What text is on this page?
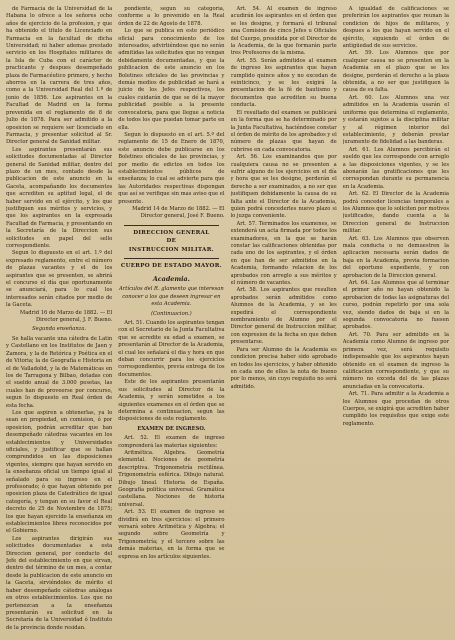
de Farmacia de la Universidad de la Habana lo ofrece a los señores ocho años de ejercicio de la profesion, y que ha obtenido el titulo de Licenciado en Farmacia en la facultad de dicha Universidad; ni haber ademas prestado servicio en los Hospitales militares de la Isla de Cuba con el carácter de practicante y despues desempeñado plaza de Farmacéutico primero, y hecho ahorros en la carrera de tres años, como a la Universidad Real del 1.º de junio de 1856. Los aspirantes en la Facultad de Madrid en la forma prevenida en el reglamento de 8 de Julio de 1878. Para ser admitido a la oposicion se requiere ser licenciado en Farmacia, y presentar solicitud al Sr. Director general de Sanidad militar.

Los aspirantes presentarán sus solicitudes documentadas al Director general de Sanidad militar, dentro del plazo de un mes, contado desde la publicacion de este anuncio en la Gaceta, acompañando los documentos que acrediten su aptitud legal, el de haber servido en el ejército, y los que justifiquen sus méritos y servicios, y que los aspirantes en la expresada Facultad de Farmacia, y presentando en la Secretaría de la Direccion sus solicitudes en papel del sello correspondiente.

Segun lo dispuesto en el art. 1.º del expresado reglamento, entre el número de plazas vacantes y el de los aspirantes que se presenten, se abrirá el concurso el día que oportunamente se anunciará, para lo cual los interesados serán citados por medio de la Gaceta.

Madrid 16 de Marzo de 1882. — El Director general, J. F. Bueno.

Segunda enseñanza.

Se halla vacante una cátedra de Latin y Castellano en los Institutos de Jaen y Zamora, y la de Retórica y Poética en el de Vitoria; la de Geografía e Historia en el de Valladolid, y la de Matemáticas en los de Tarragona y Bilbao, dotadas con el sueldo anual de 3.000 pesetas, las cuales han de proveerse por concurso, segun lo dispuesto en Real órden de esta fecha.

Los que aspiren a obtenerlas, ya lo sean en propiedad, en comision, ó por oposicion, podrán acreditar que han desempeñado cátedras vacantes en los establecimientos y Universidades oficiales, y justificar que se hallan comprendidos en las disposiciones vigentes, siempre que hayan servido en la enseñanza oficial un tiempo igual al señalado para su ingreso en el profesorado; ó que hayan obtenido por oposicion plaza de Catedrático de igual categoría, y tengan en su favor el Real decreto de 25 de Noviembre de 1875; los que hayan ejercido la enseñanza en establecimientos libres reconocidos por el Gobierno.

Los aspirantes dirigirán sus solicitudes documentadas a esta Direccion general, por conducto del Jefe del establecimiento en que sirvan, dentro del término de un mes, a contar desde la publicacion de este anuncio en la Gaceta, sirviéndoles de mérito el haber desempeñado cátedras análogas en otros establecimientos. Los que no pertenezcan a la enseñanza presentarán su solicitud en la Secretaría de la Universidad ó Instituto de la provincia donde residan.

pondiente, segun su categoría, conforme a lo prevenido en la Real órden de 22 de Agosto de 1878.

Lo que se publica en este periódico oficial para conocimiento de los interesados, advirtiéndose que no serán admitidas las solicitudes que no vengan debidamente documentadas, y que la publicacion de este anuncio en los Boletines oficiales de las provincias y demás medios de publicidad se hará a juicio de los Jefes respectivos, los cuales cuidarán de que se dé la mayor publicidad posible a la presente convocatoria, para que llegue a noticia de todos los que puedan tomar parte en ella.

Segun lo dispuesto en el art. 5.º del reglamento de 15 de Enero de 1870, este anuncio debe publicarse en los Boletines oficiales de las provincias, y por medio de edictos en todos los establecimientos públicos de enseñanza; lo cual se advierte para que las Autoridades respectivas dispongan que así se verifique sin mas aviso que el presente.

Madrid 14 de Marzo de 1882. — El Director general, José F. Bueno.

DIRECCION GENERAL

DE

INSTRUCCION MILITAR.

CUERPO DE ESTADO MAYOR.

Academia.

Artículos del R. glamento que interesan conocer a los que deseen ingresar en esta Academia.

(Continuacion.)

Art. 51. Cuando los aspirantes tengan con el Secretario de la Junta Facultativa que se acredite su edad a examen, se presentarán al Director de la Academia, el cual les señalará el dia y hora en que deban concurrir para los ejercicios correspondientes, previa entrega de los documentos.

Este de los aspirantes presentarán sus solicitudes al Director de la Academia, y serán sometidos a los siguientes examenes en el órden que se determina a continuacion, segun las disposiciones de este reglamento.

EXAMEN DE INGRESO.

Art. 52. El examen de ingreso comprenderá las materias siguientes:

Aritmética. Algebra. Geometría elemental. Nociones de geometría descriptiva. Trigonometría rectilínea. Trigonometría esférica. Dibujo natural. Dibujo lineal. Historia de España. Geografía política universal. Gramática castellana. Nociones de historia universal.

Art. 53. El examen de ingreso se dividirá en tres ejercicios: el primero versará sobre Aritmética y Algebra; el segundo sobre Geometría y Trigonometría; y el tercero sobre las demás materias, en la forma que se expresa en los artículos siguientes.

Art. 54. Al examen de ingreso acudirán los aspirantes en el órden que se les designe, y formará el tribunal una Comision de cinco Jefes u Oficiales del Cuerpo, presidida por el Director de la Academia, de la que formarán parte tres Profesores de la misma.

Art. 55. Serán admitidos al examen de ingreso los aspirantes que hayan cumplido quince años y no excedan de veinticinco, y se les exigirá la presentacion de la fé de bautismo y documentos que acrediten su buena conducta.

El resultado del examen se publicará en la forma que se ha determinado por la Junta Facultativa, haciéndose constar el órden de mérito de los aprobados y el número de plazas que hayan de cubrirse en cada convocatoria.

Art. 56. Los examinandos que por cualquiera causa no se presenten a sufrir alguno de los ejercicios en el día y hora que se les designe, perderán el derecho a ser examinados, a no ser que justifiquen debidamente la causa de su falta ante el Director de la Academia, quien podrá concederles nuevo plazo si lo juzga conveniente.

Art. 57. Terminados los examenes, se extenderá un acta firmada por todos los examinadores, en la que se harán constar las calificaciones obtenidas por cada uno de los aspirantes, y el órden en que han de ser admitidos en la Academia, formando relacion de los aprobados con arreglo a sus méritos y el número de vacantes.

Art. 58. Los aspirantes que resulten aprobados serán admitidos como Alumnos de la Academia, y se les expedirá el correspondiente nombramiento de Alumno por el Director general de Instruccion militar, con expresion de la fecha en que deben presentarse.

Para ser Alumno de la Academia es condicion precisa haber sido aprobado en todos los ejercicios, y haber obtenido en cada uno de ellos la nota de bueno por lo menos, sin cuyo requisito no será admitido.

A igualdad de calificaciones se preferirán los aspirantes que reunan la condicion de hijos de militares, y despues a los que hayan servido en el ejército, siguiendo el órden de antigüedad de sus servicios.

Art. 59. Los Alumnos que por cualquier causa no se presenten en la Academia en el plazo que se les designe, perderán el derecho a la plaza obtenida, a no ser que justifiquen la causa de su falta.

Art. 60. Los Alumnos una vez admitidos en la Academia usarán el uniforme que determina el reglamento, y estarán sujetos a la disciplina militar y al régimen interior del establecimiento, y deberán prestar juramento de fidelidad a las banderas.

Art. 61. Los Alumnos percibirán el sueldo que les corresponde con arreglo a las disposiciones vigentes, y se les abonarán las gratificaciones que les correspondan durante su permanencia en la Academia.

Art. 62. El Director de la Academia podrá conceder licencias temporales a los Alumnos que lo soliciten por motivos justificados, dando cuenta a la Direccion general de Instruccion militar.

Art. 63. Los Alumnos que observen mala conducta o no demuestren la aplicacion necesaria serán dados de baja en la Academia, previa formacion del oportuno expediente, y con aprobacion de la Direccion general.

Art. 64. Los Alumnos que al terminar el primer año no hayan obtenido la aprobacion de todas las asignaturas del curso, podrán repetirlo por una sola vez, siendo dados de baja si en la segunda convocatoria no fuesen aprobados.

Art. 70. Para ser admitido en la Academia como Alumno de ingreso por primera vez, será requisito indispensable que los aspirantes hayan obtenido en el examen de ingreso la calificacion correspondiente, y que su número no exceda del de las plazas anunciadas en la convocatoria.

Art. 71. Para admitir a la Academia a los Alumnos que procedan de otros Cuerpos, se exigirá que acrediten haber cumplido los requisitos que exige este reglamento.
